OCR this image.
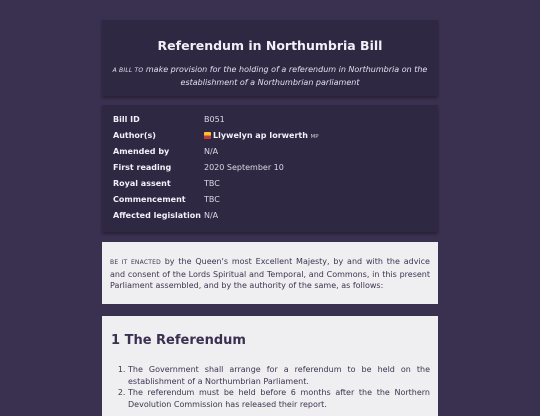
Referendum in Northumbria Bill

A BILL TO make provision for the holding of a referendum in Northumbria on the establishment of a Northumbrian parliament

Bill ID	B051
Author(s)	Llywelyn ap Iorwerth MP
Amended by	N/A
First reading	2020 September 10
Royal assent	TBC
Commencement	TBC
Affected legislation N/A

BE IT ENACTED by the Queen's most Excellent Majesty, by and with the advice and consent of the Lords Spiritual and Temporal, and Commons, in this present Parliament assembled, and by the authority of the same, as follows:

1 The Referendum
1. The Government shall arrange for a referendum to be held on the establishment of a Northumbrian Parliament.
2. The referendum must be held before 6 months after the the Northern Devolution Commission has released their report.
